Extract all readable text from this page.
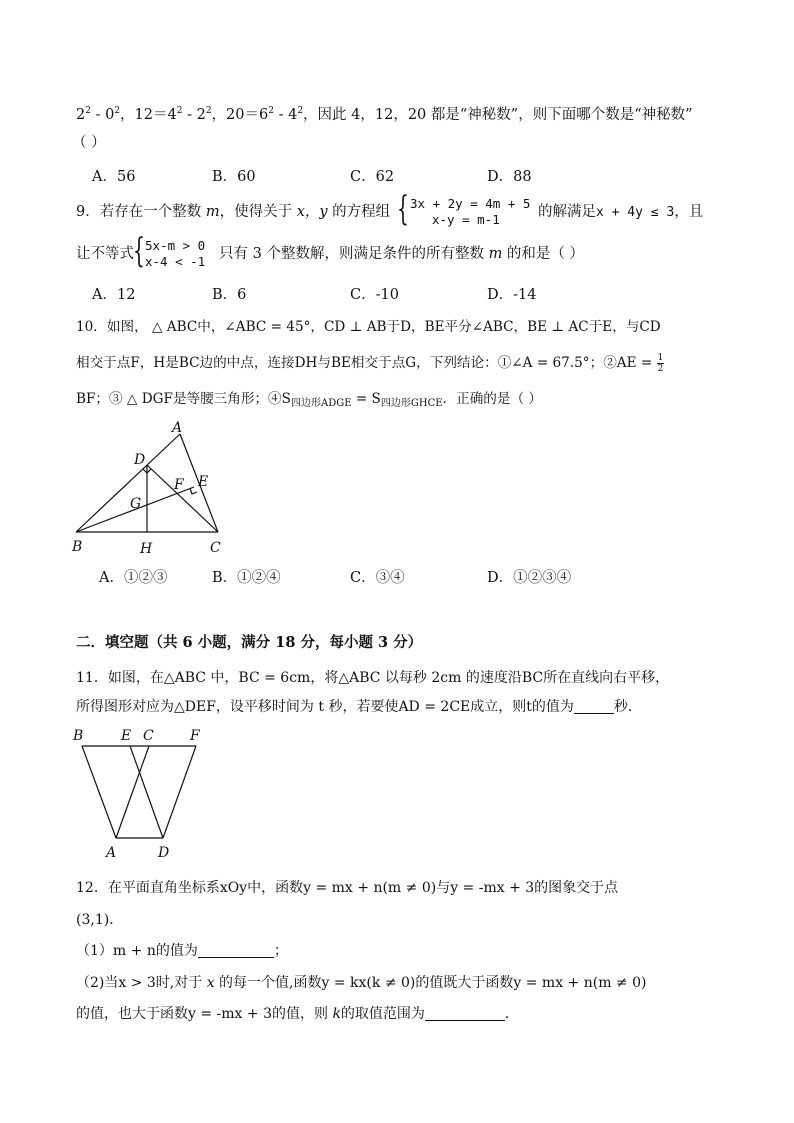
$2^2 - 0^2$，$12=4^2 - 2^2$，$20=6^2 - 4^2$，因此 4，12，20 都是“神秘数”，则下面哪个数是“神秘数”
（ ）
A．56	B．60	C．62	D．88
9．若存在一个整数 m，使得关于 x，y 的方程组 { 3x + 2y = 4m + 5
x-y = m-1	的解满足x + 4y ≤ 3，且
让不等式 { 5x-m > 0
x-4 < -1 只有 3 个整数解，则满足条件的所有整数 m 的和是（ ）
A．12	B．6	C．-10	D．-14
10．如图， △ ABC中，∠ABC = 45°，CD ⊥ AB于D，BE平分∠ABC，BE ⊥ AC于E，与CD
相交于点F，H是BC边的中点，连接DH与BE相交于点G，下列结论：①∠A = 67.5°；②AE = $\frac{1}{2}$
BF；③ △ DGF是等腰三角形；$④S_{四边形ADGE} = S_{四边形GHCE}$．正确的是（ ）
A
D
E
F
G
B	H	C
B	E C	F
A	D
A．①②③	B．①②④	C．③④	D．①②③④
二．填空题（共 6 小题，满分 18 分，每小题 3 分）
11．如图，在△ABC 中，BC = 6cm，将△ABC 以每秒 2cm 的速度沿BC所在直线向右平移，
所得图形对应为△DEF，设平移时间为 t 秒，若要使AD = 2CE成立，则t的值为	秒.
12．在平面直角坐标系xOy中，函数y = mx + n(m ≠ 0)与y = -mx + 3的图象交于点
(3,1)．
（1）m + n的值为	；
（2)当x > 3时,对于 x 的每一个值,函数y = kx(k ≠ 0)的值既大于函数y = mx + n(m ≠ 0)
的值，也大于函数y = -mx + 3的值，则 k的取值范围为	．
